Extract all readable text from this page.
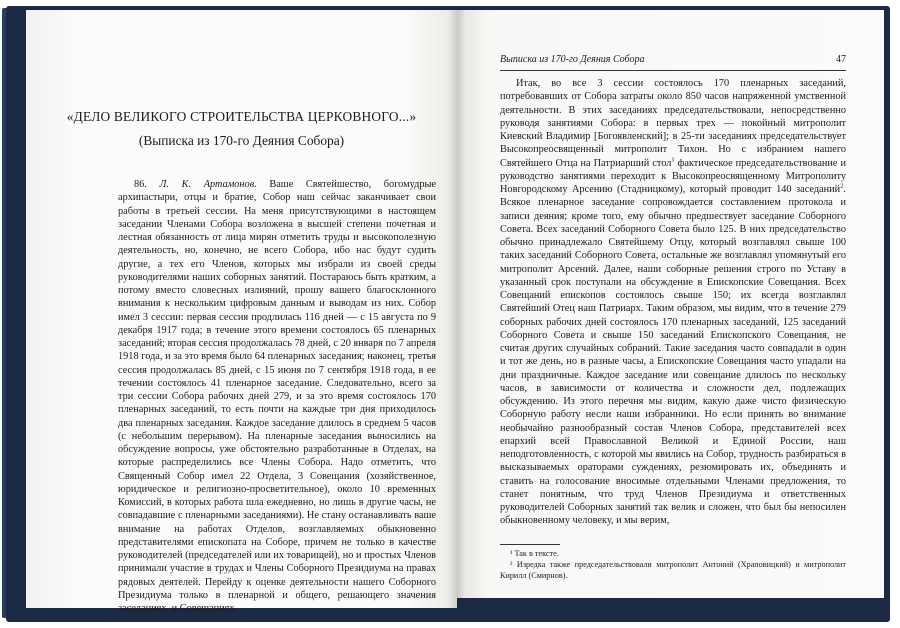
«ДЕЛО ВЕЛИКОГО СТРОИТЕЛЬСТВА ЦЕРКОВНОГО...»
(Выписка из 170-го Деяния Собора)

86. Л. К. Артамонов. Ваше Святейшество, богомудрые архипастыри, отцы и братие, Собор наш сейчас заканчивает свои работы в третьей сессии. На меня присутствующими в настоящем заседании Членами Собора возложена в высшей степени почетная и лестная обязанность от лица мирян отметить труды и высокополезную деятельность, но, конечно, не всего Собора, ибо нас будут судить другие, а тех его Членов, которых мы избрали из своей среды руководителями наших соборных занятий. Постараюсь быть кратким, а потому вместо словесных излияний, прошу вашего благосклонного внимания к нескольким цифровым данным и выводам из них. Собор имел 3 сессии: первая сессия продлилась 116 дней — с 15 августа по 9 декабря 1917 года; в течение этого времени состоялось 65 пленарных заседаний; вторая сессия продолжалась 78 дней, с 20 января по 7 апреля 1918 года, и за это время было 64 пленарных заседания; наконец, третья сессия продолжалась 85 дней, с 15 июня по 7 сентября 1918 года, в ее течении состоялось 41 пленарное заседание. Следовательно, всего за три сессии Собора рабочих дней 279, и за это время состоялось 170 пленарных заседаний, то есть почти на каждые три дня приходилось два пленарных заседания. Каждое заседание длилось в среднем 5 часов (с небольшим перерывом). На пленарные заседания выносились на обсуждение вопросы, уже обстоятельно разработанные в Отделах, на которые распределились все Члены Собора. Надо отметить, что Священный Собор имел 22 Отдела, 3 Совещания (хозяйственное, юридическое и религиозно-просветительное), около 10 временных Комиссий, в которых работа шла ежедневно, но лишь в другие часы, не совпадавшие с пленарными заседаниями). Не стану останавливать ваше внимание на работах Отделов, возглавляемых обыкновенно представителями епископата на Соборе, причем не только в качестве руководителей (председателей или их товарищей), но и простых Членов принимали участие в трудах и Члены Соборного Президиума на правах рядовых деятелей. Перейду к оценке деятельности нашего Соборного Президиума только в пленарной и общего, решающего значения заседаниях, и Совещаниях.

Выписка из 170-го Деяния Собора	47

Итак, во все 3 сессии состоялось 170 пленарных заседаний, потребовавших от Собора затраты около 850 часов напряженной умственной деятельности. В этих заседаниях председательствовали, непосредственно руководя занятиями Собора: в первых трех — покойный митрополит Киевский Владимир [Богоявленский]; в 25-ти заседаниях председательствует Высокопреосвященный митрополит Тихон. Но с избранием нашего Святейшего Отца на Патриарший стол$^1$ фактическое председательствование и руководство занятиями переходит к Высокопреосвященному Митрополиту Новгородскому Арсению (Стадницкому), который проводит 140 заседаний$^2$. Всякое пленарное заседание сопровождается составлением протокола и записи деяния; кроме того, ему обычно предшествует заседание Соборного Совета. Всех заседаний Соборного Совета было 125. В них председательство обычно принадлежало Святейшему Отцу, который возглавлял свыше 100 таких заседаний Соборного Совета, остальные же возглавлял упомянутый его митрополит Арсений. Далее, наши соборные решения строго по Уставу в указанный срок поступали на обсуждение в Епископские Совещания. Всех Совещаний епископов состоялось свыше 150; их всегда возглавлял Святейший Отец наш Патриарх. Таким образом, мы видим, что в течение 279 соборных рабочих дней состоялось 170 пленарных заседаний, 125 заседаний Соборного Совета и свыше 150 заседаний Епископского Совещания, не считая других случайных собраний. Такие заседания часто совпадали в один и тот же день, но в разные часы, а Епископские Совещания часто упадали на дни праздничные. Каждое заседание или совещание длилось по нескольку часов, в зависимости от количества и сложности дел, подлежащих обсуждению. Из этого перечня мы видим, какую даже чисто физическую Соборную работу несли наши избранники. Но если принять во внимание необычайно разнообразный состав Членов Собора, представителей всех епархий всей Православной Великой и Единой России, наш неподготовленность, с которой мы явились на Собор, трудность разбираться в высказываемых ораторами суждениях, резюмировать их, объединять и ставить на голосование вносимые отдельными Членами предложения, то станет понятным, что труд Членов Президиума и ответственных руководителей Соборных занятий так велик и сложен, что был бы непосилен обыкновенному человеку, и мы верим,

¹ Так в тексте.

² Изредка также председательствовали митрополит Антоний (Храповицкий) и митрополит Кирилл (Смирнов).
